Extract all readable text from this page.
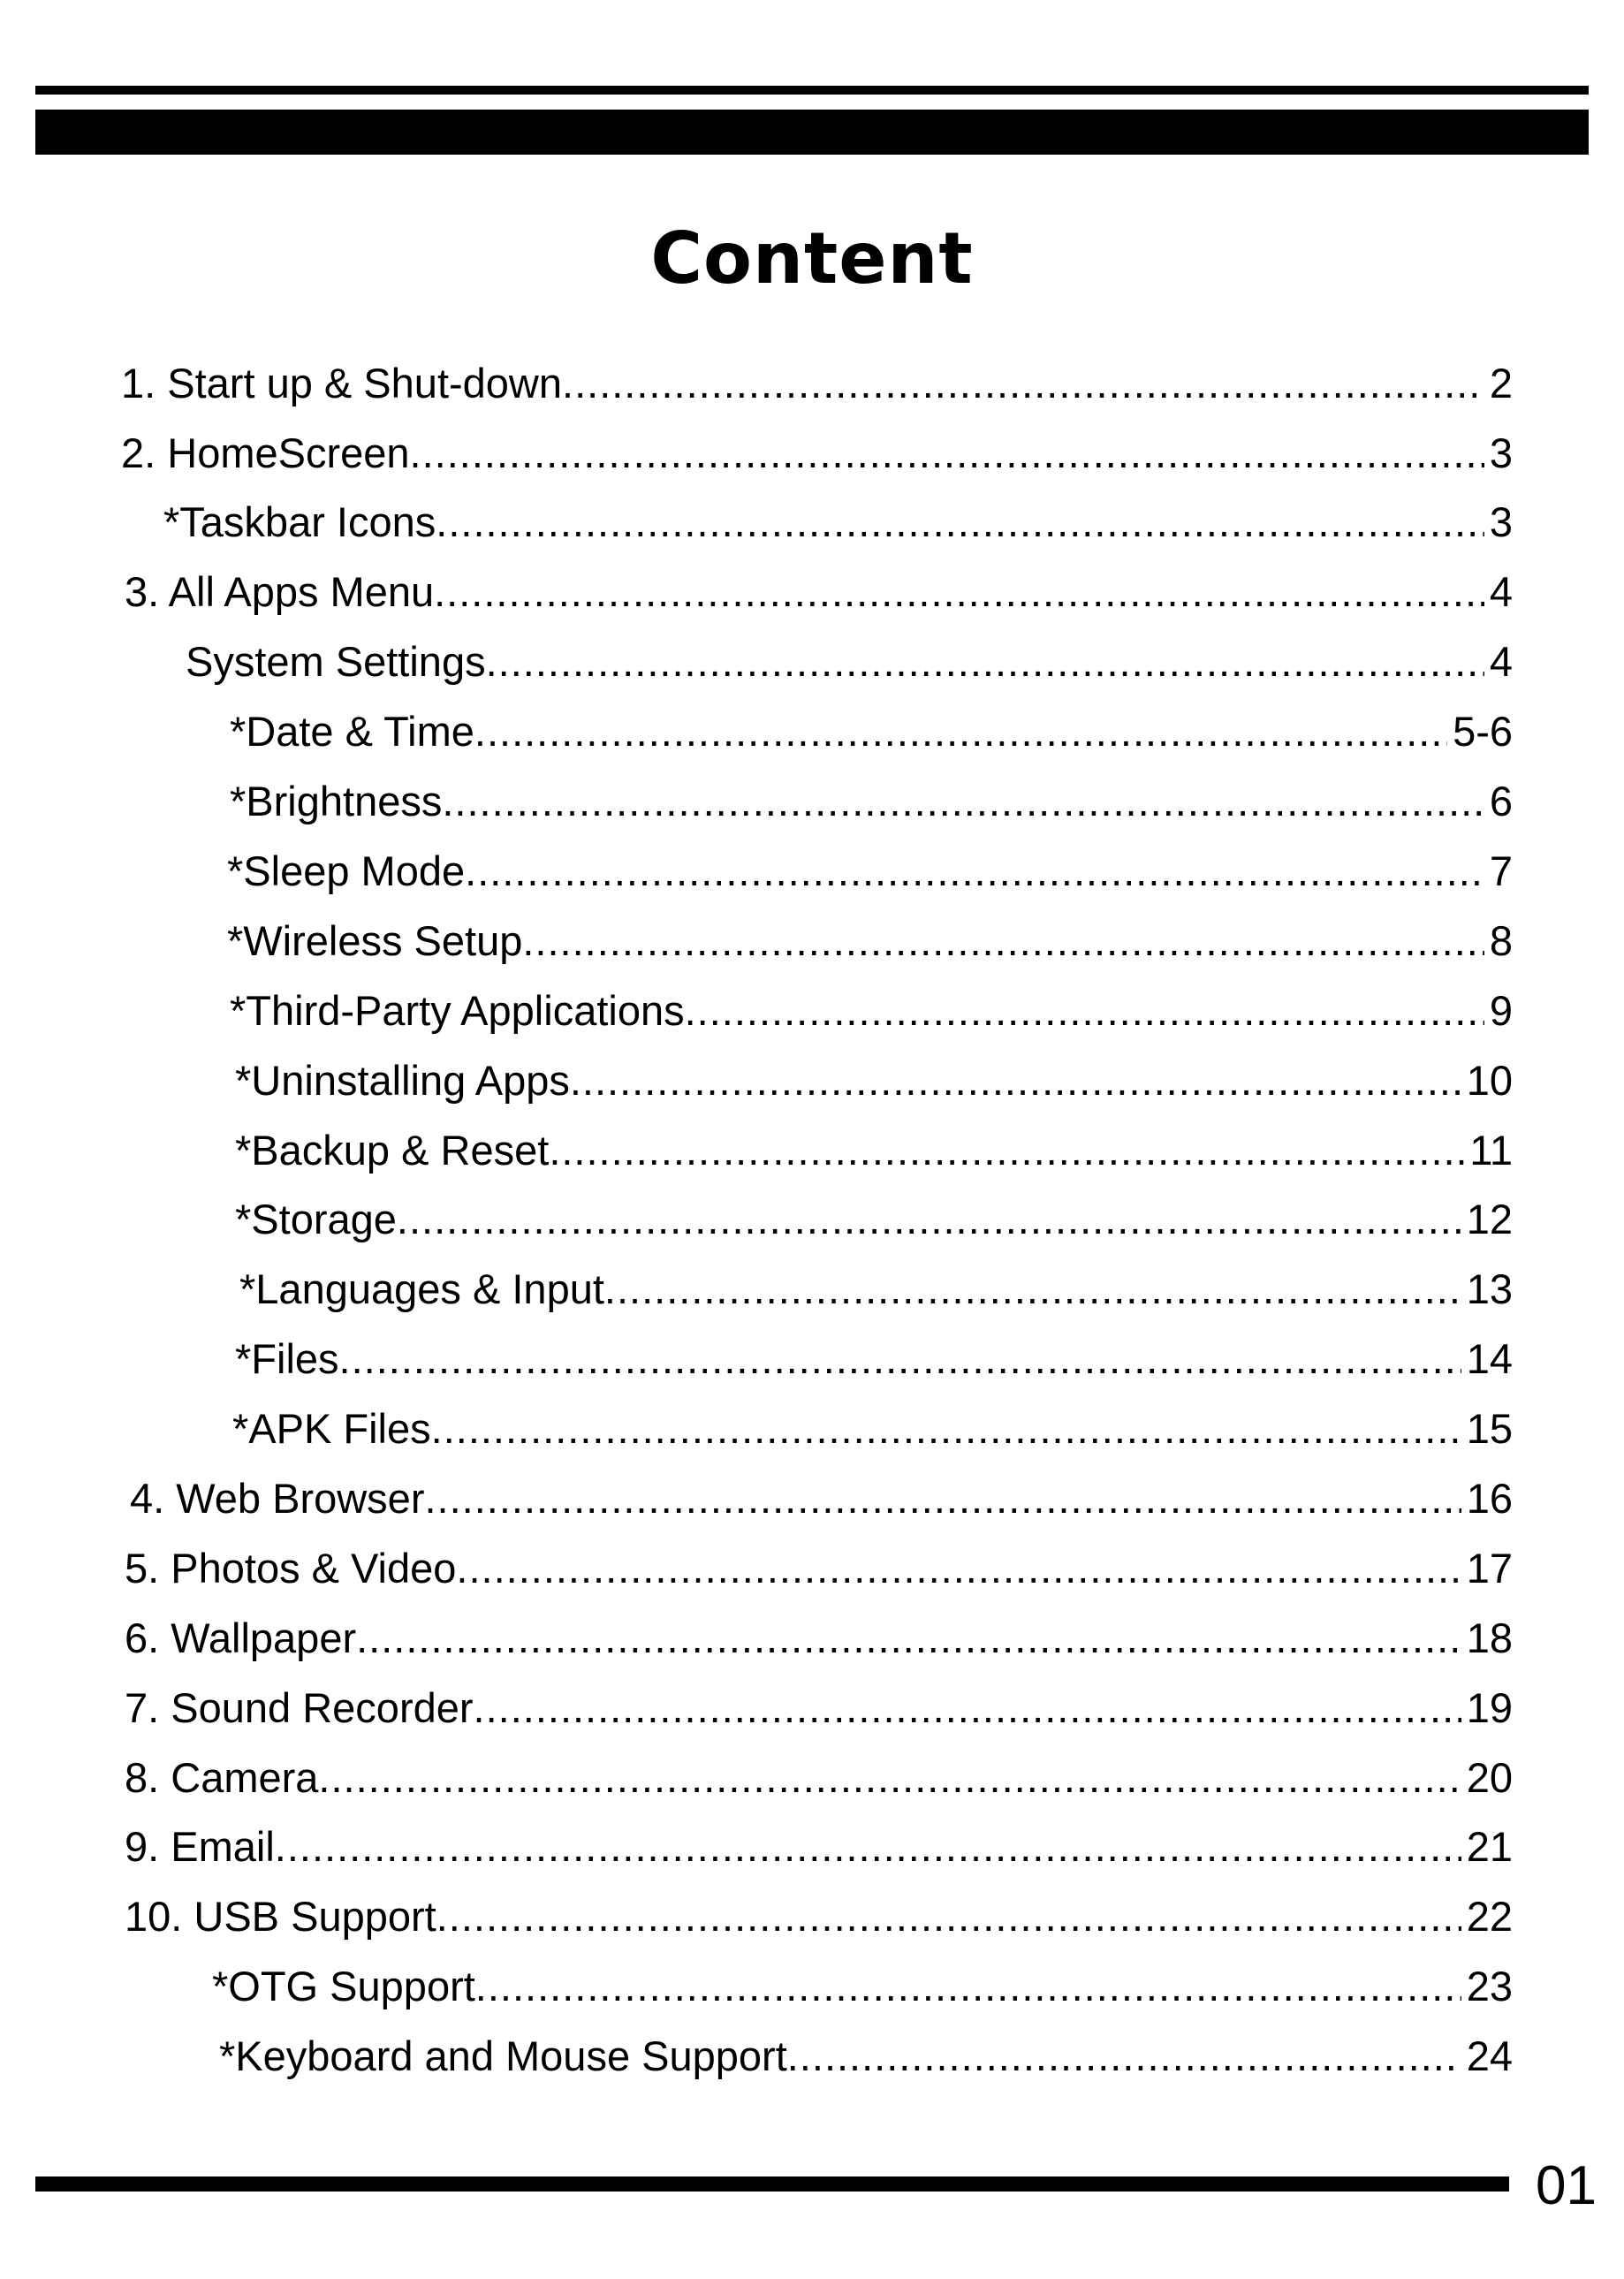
Content
1. Start up & Shut-down .....	2
2. HomeScreen .....	3
*Taskbar Icons .....	3
3. All Apps Menu .....	4
System Settings .....	4
*Date & Time .....	5-6
*Brightness .....	6
*Sleep Mode .....	7
*Wireless Setup .....	8
*Third-Party Applications .....	9
*Uninstalling Apps .....	10
*Backup & Reset .....	11
*Storage .....	12
*Languages & Input .....	13
*Files .....	14
*APK Files .....	15
4. Web Browser .....	16
5. Photos & Video .....	17
6. Wallpaper .....	18
7. Sound Recorder .....	19
8. Camera .....	20
9. Email .....	21
10. USB Support .....	22
*OTG Support .....	23
*Keyboard and Mouse Support .....	24
01
